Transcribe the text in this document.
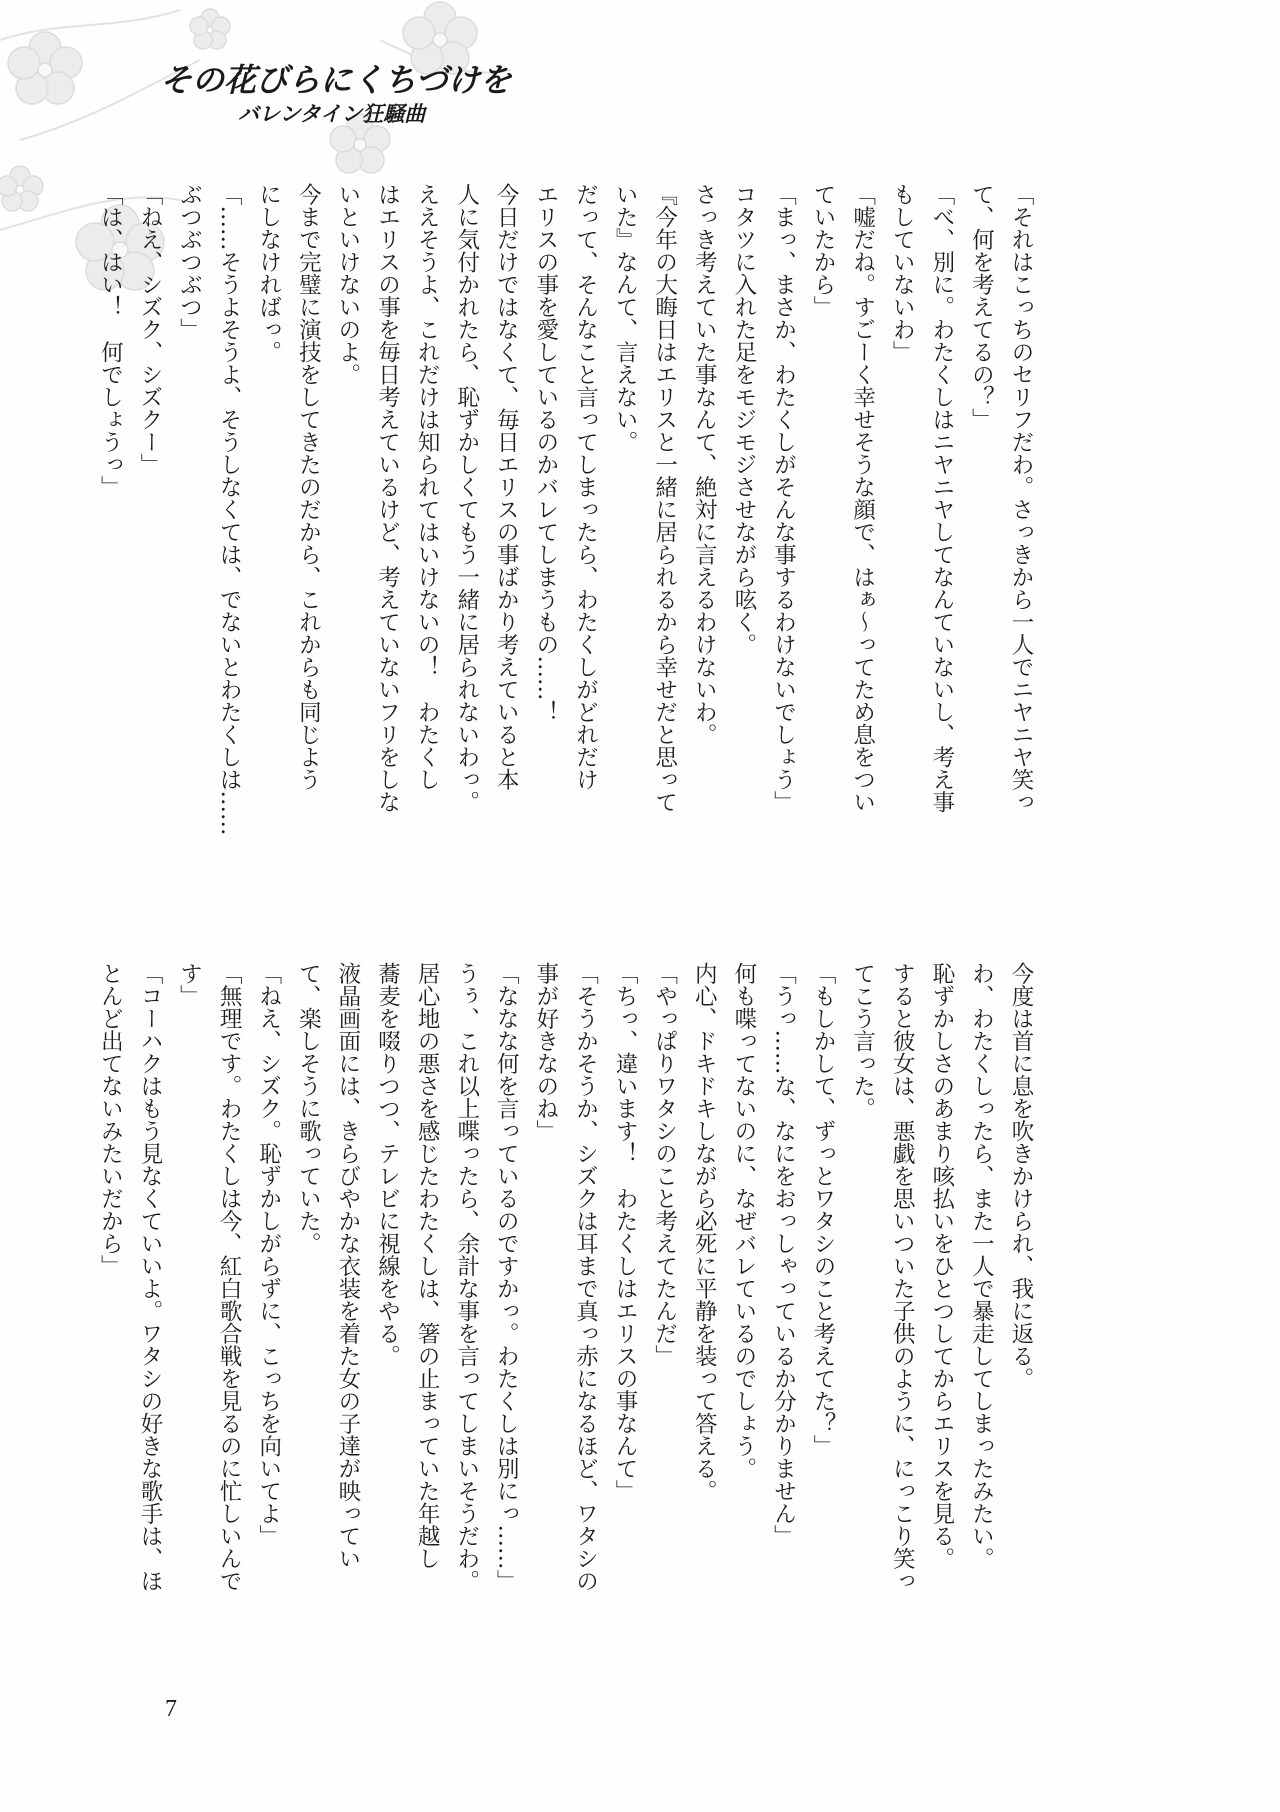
その花びらにくちづけを
バレンタイン狂騒曲
「それはこっちのセリフだわ。さっきから一人でニヤニヤ笑っ
て、何を考えてるの？」
「べ、別に。わたくしはニヤニヤしてなんていないし、考え事
もしていないわ」
「嘘だね。すごーく幸せそうな顔で、はぁ～ってため息をつい
ていたから」
「まっ、まさか、わたくしがそんな事するわけないでしょう」
コタツに入れた足をモジモジさせながら呟く。
さっき考えていた事なんて、絶対に言えるわけないわ。
『今年の大晦日はエリスと一緒に居られるから幸せだと思って
いた』なんて、言えない。
だって、そんなこと言ってしまったら、わたくしがどれだけ
エリスの事を愛しているのかバレてしまうもの……！
今日だけではなくて、毎日エリスの事ばかり考えていると本
人に気付かれたら、恥ずかしくてもう一緒に居られないわっ。
ええそうよ、これだけは知られてはいけないの！　わたくし
はエリスの事を毎日考えているけど、考えていないフリをしな
いといけないのよ。
今まで完璧に演技をしてきたのだから、これからも同じよう
にしなければっ。
「……そうよそうよ、そうしなくては、でないとわたくしは……
ぶつぶつぶつ」
「ねえ、シズク、シズクー」
「は、はい！　何でしょうっ」
今度は首に息を吹きかけられ、我に返る。
わ、わたくしったら、また一人で暴走してしまったみたい。
恥ずかしさのあまり咳払いをひとつしてからエリスを見る。
すると彼女は、悪戯を思いついた子供のように、にっこり笑っ
てこう言った。
「もしかして、ずっとワタシのこと考えてた？」
「うっ……な、なにをおっしゃっているか分かりません」
何も喋ってないのに、なぜバレているのでしょう。
内心、ドキドキしながら必死に平静を装って答える。
「やっぱりワタシのこと考えてたんだ」
「ちっ、違います！　わたくしはエリスの事なんて」
「そうかそうか、シズクは耳まで真っ赤になるほど、ワタシの
事が好きなのね」
「ななな何を言っているのですかっ。わたくしは別にっ……」
うぅ、これ以上喋ったら、余計な事を言ってしまいそうだわ。
居心地の悪さを感じたわたくしは、箸の止まっていた年越し
蕎麦を啜りつつ、テレビに視線をやる。
液晶画面には、きらびやかな衣装を着た女の子達が映ってい
て、楽しそうに歌っていた。
「ねえ、シズク。恥ずかしがらずに、こっちを向いてよ」
「無理です。わたくしは今、紅白歌合戦を見るのに忙しいんで
す」
「コーハクはもう見なくていいよ。ワタシの好きな歌手は、ほ
とんど出てないみたいだから」
7
